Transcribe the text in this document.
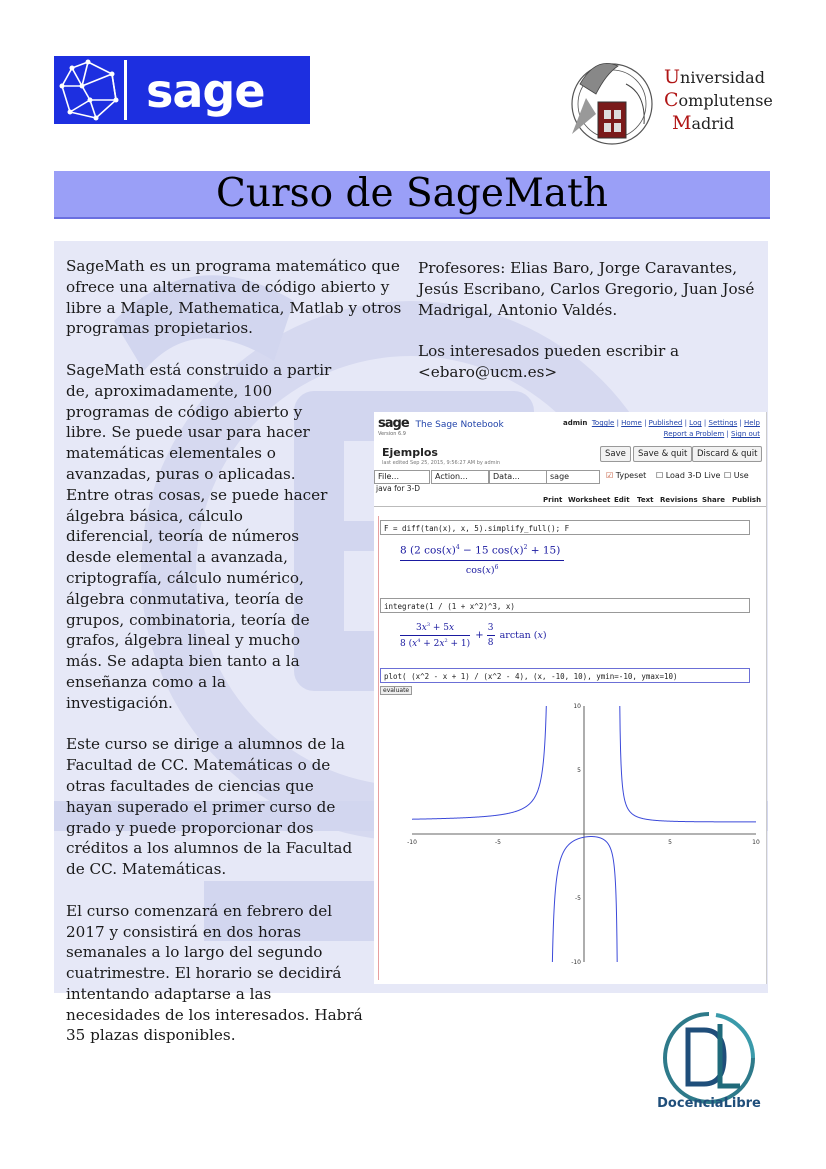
sage	Universidad
Complutense
Madrid
Curso de SageMath

SageMath es un programa matemático que ofrece una alternativa de código abierto y libre a Maple, Mathematica, Matlab y otros programas propietarios.

SageMath está construido a partir de, aproximadamente, 100 programas de código abierto y libre. Se puede usar para hacer matemáticas elementales o avanzadas, puras o aplicadas. Entre otras cosas, se puede hacer álgebra básica, cálculo diferencial, teoría de números desde elemental a avanzada, criptografía, cálculo numérico, álgebra conmutativa, teoría de grupos, combinatoria, teoría de grafos, álgebra lineal y mucho más. Se adapta bien tanto a la enseñanza como a la investigación.

Este curso se dirige a alumnos de la Facultad de CC. Matemáticas o de otras facultades de ciencias que hayan superado el primer curso de grado y puede proporcionar dos créditos a los alumnos de la Facultad de CC. Matemáticas.

El curso comenzará en febrero del 2017 y consistirá en dos horas semanales a lo largo del segundo cuatrimestre. El horario se decidirá intentando adaptarse a las necesidades de los interesados. Habrá 35 plazas disponibles.

Profesores: Elias Baro, Jorge Caravantes, Jesús Escribano, Carlos Gregorio, Juan José Madrigal, Antonio Valdés.

Los interesados pueden escribir a <ebaro@ucm.es>

sage The Sage Notebook
Version 6.9
admin Toggle | Home | Published | Log | Settings | Help
Report a Problem | Sign out
Ejemplos
last edited Sep 25, 2015, 9:56:27 AM by admin
Save	Save & quit	Discard & quit
File...	Action...	Data...	sage	☑ Typeset ☐ Load 3-D Live ☐ Use
java for 3-D
Print Worksheet Edit Text Revisions Share Publish
F = diff(tan(x), x, 5).simplify_full(); F
8 (2 $\cos(x)^4 - 15$ $\cos(x)^2 + 15$)
$\cos(x)^6$
integrate(1 / (1 + x^2)^3, x)
$\frac{3x^3 + 5x}{8 (x^4 + 2x^2 + 1)} + \frac{3}{8}$ arctan (x)
plot( (x^2 - x + 1) / (x^2 - 4), (x, -10, 10), ymin=-10, ymax=10)
evaluate
-10	-5	5	10
10
5
-5
-10
DocenciaLibre
